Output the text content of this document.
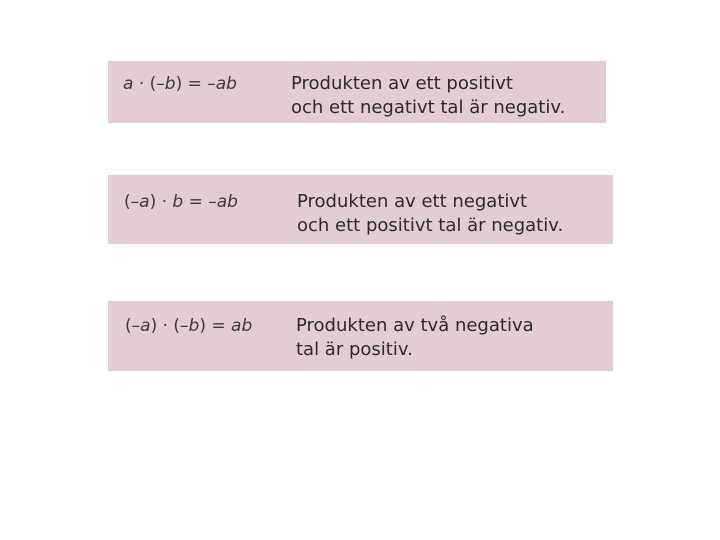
a · (–b) = –ab	Produkten av ett positivt
och ett negativt tal är negativ.
(–a) · b = –ab	Produkten av ett negativt
och ett positivt tal är negativ.
(–a) · (–b) = ab Produkten av två negativa
tal är positiv.
